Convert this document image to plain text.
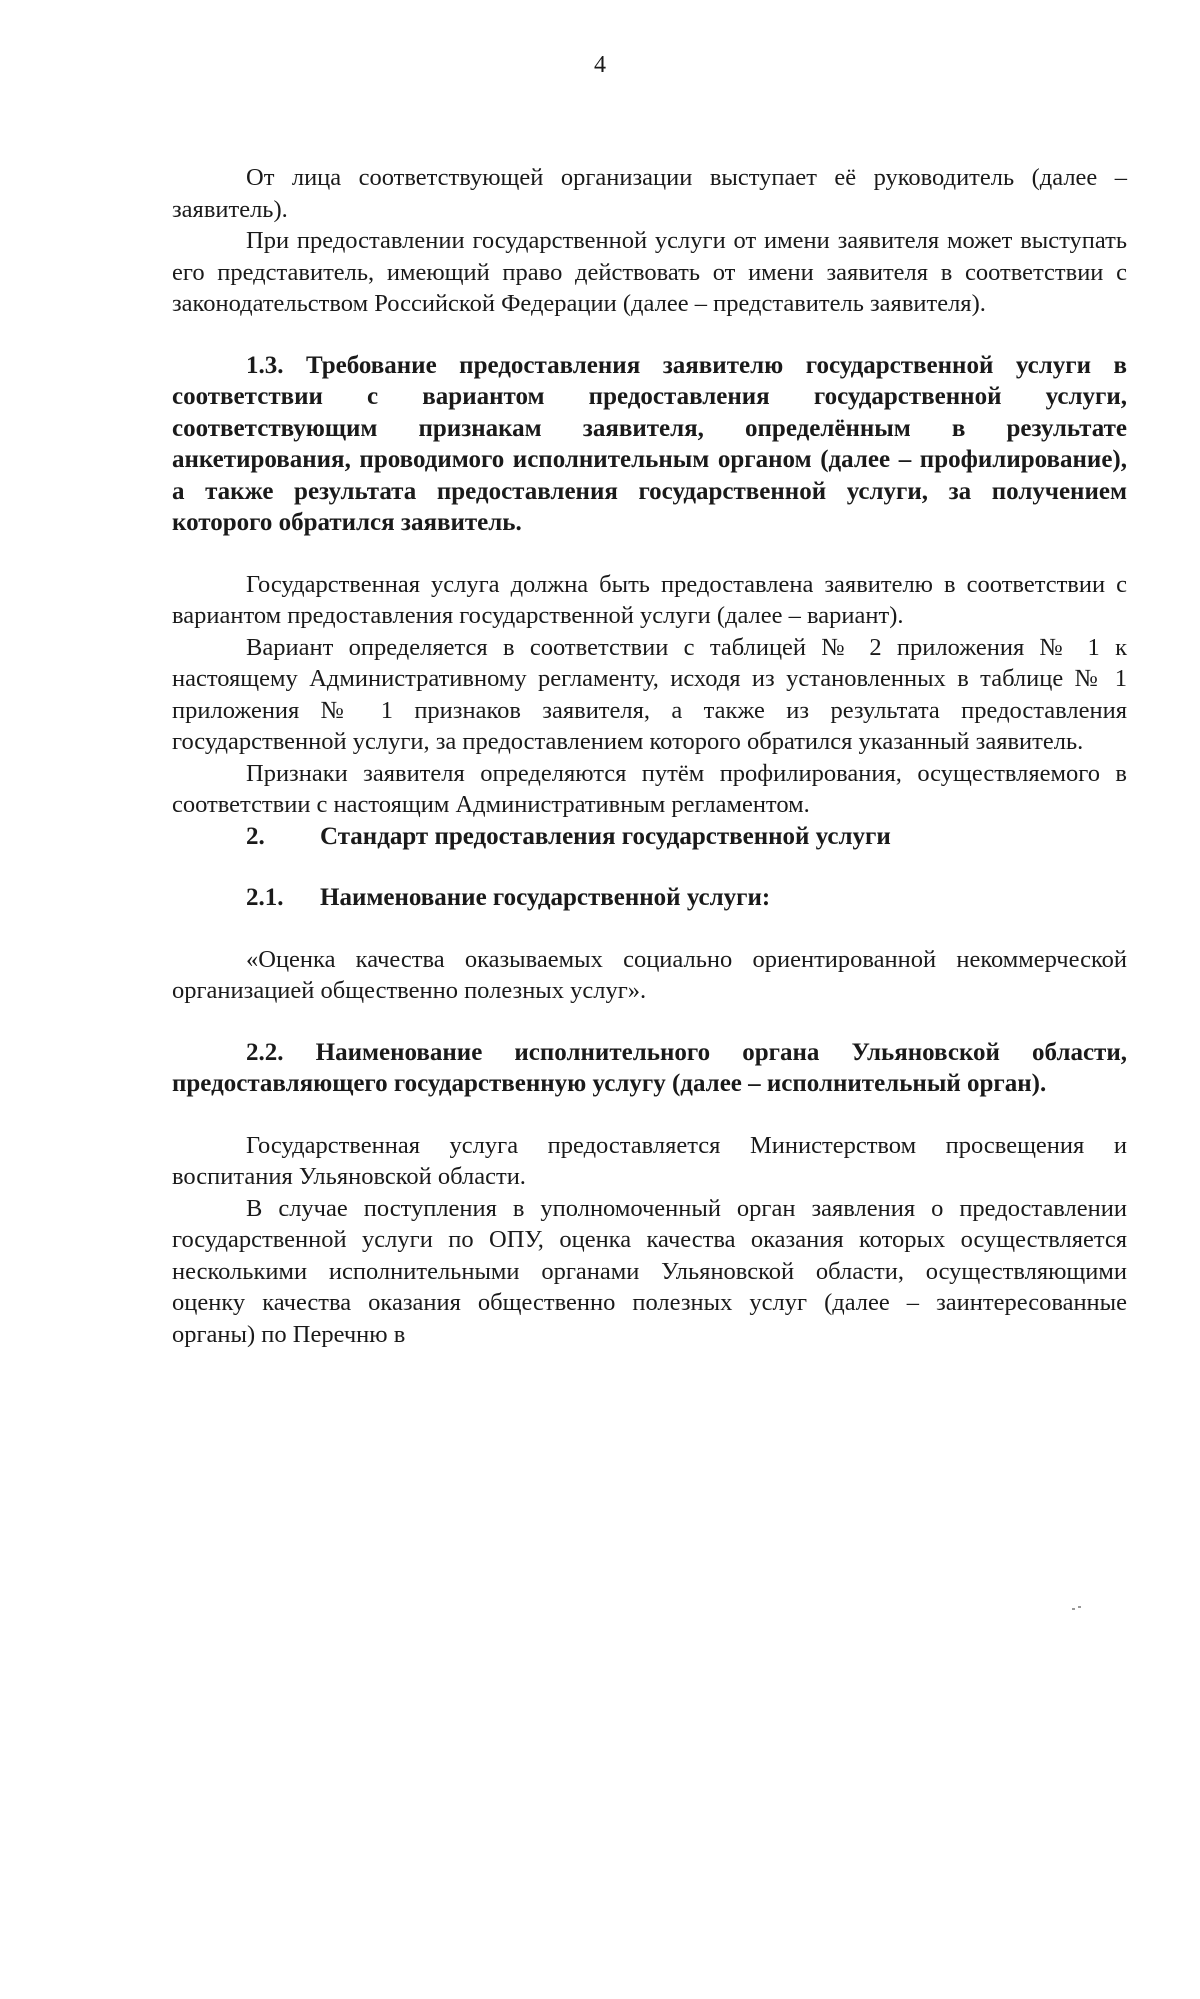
4

От лица соответствующей организации выступает её руководитель (далее – заявитель).

При предоставлении государственной услуги от имени заявителя может выступать его представитель, имеющий право действовать от имени заявителя в соответствии с законодательством Российской Федерации (далее – представитель заявителя).

1.3. Требование предоставления заявителю государственной услуги в соответствии с вариантом предоставления государственной услуги, соответствующим признакам заявителя, определённым в результате анкетирования, проводимого исполнительным органом (далее – профилирование), а также результата предоставления государственной услуги, за получением которого обратился заявитель.

Государственная услуга должна быть предоставлена заявителю в соответствии с вариантом предоставления государственной услуги (далее – вариант).

Вариант определяется в соответствии с таблицей № 2 приложения № 1 к настоящему Административному регламенту, исходя из установленных в таблице № 1 приложения № 1 признаков заявителя, а также из результата предоставления государственной услуги, за предоставлением которого обратился указанный заявитель.

Признаки заявителя определяются путём профилирования, осуществляемого в соответствии с настоящим Административным регламентом.

2.	Стандарт предоставления государственной услуги
2.1.	Наименование государственной услуги:

«Оценка качества оказываемых социально ориентированной некоммерческой организацией общественно полезных услуг».

2.2. Наименование исполнительного органа Ульяновской области, предоставляющего государственную услугу (далее – исполнительный орган).

Государственная услуга предоставляется Министерством просвещения и воспитания Ульяновской области.

В случае поступления в уполномоченный орган заявления о предоставлении государственной услуги по ОПУ, оценка качества оказания которых осуществляется несколькими исполнительными органами Ульяновской области, осуществляющими оценку качества оказания общественно полезных услуг (далее – заинтересованные органы) по Перечню в
